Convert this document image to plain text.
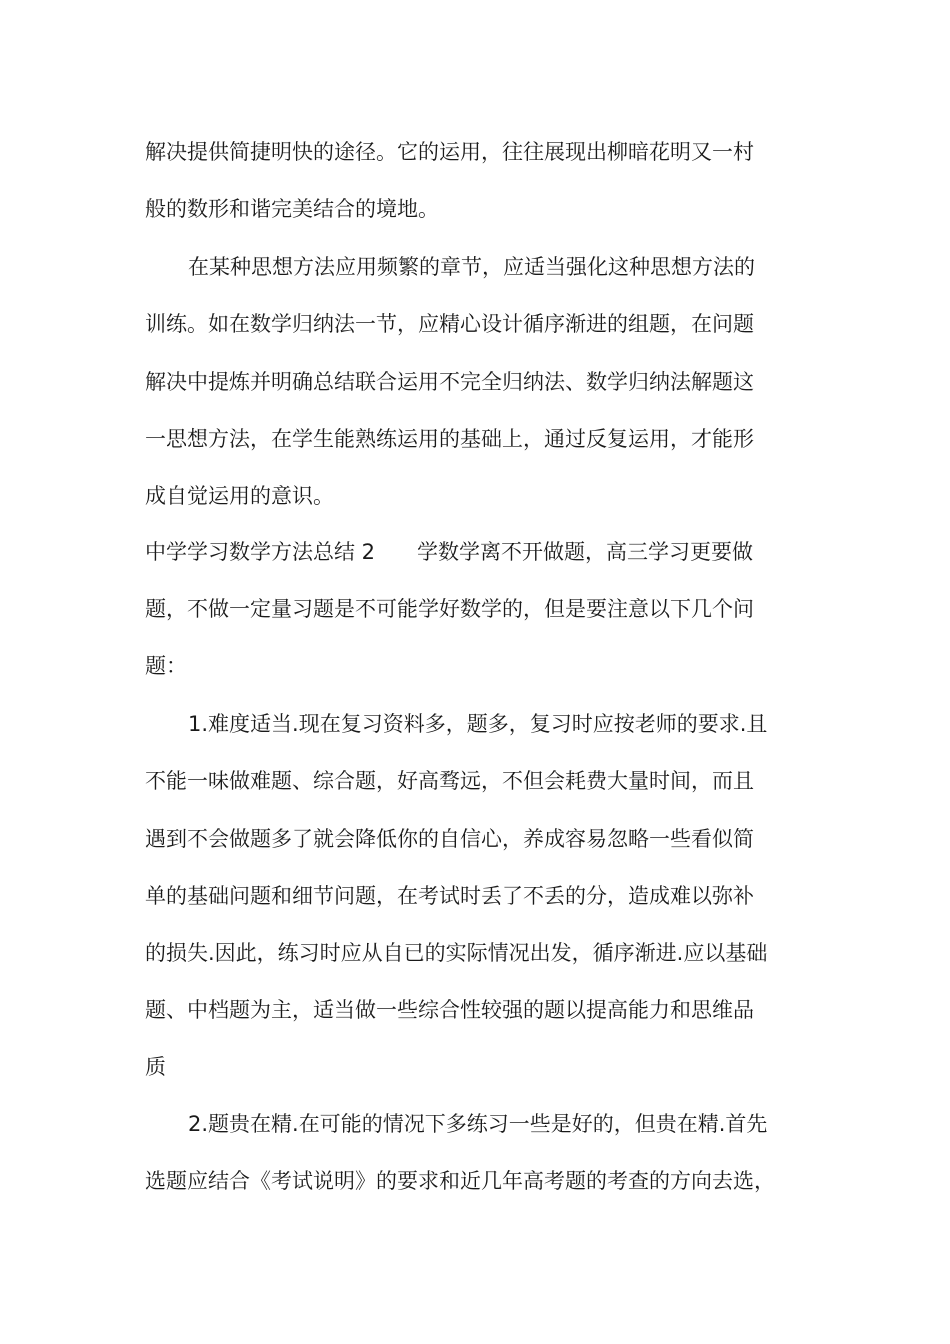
解决提供简捷明快的途径。它的运用，往往展现出柳暗花明又一村
般的数形和谐完美结合的境地。
在某种思想方法应用频繁的章节，应适当强化这种思想方法的
训练。如在数学归纳法一节，应精心设计循序渐进的组题，在问题
解决中提炼并明确总结联合运用不完全归纳法、数学归纳法解题这
一思想方法，在学生能熟练运用的基础上，通过反复运用，才能形
成自觉运用的意识。
中学学习数学方法总结 2　　学数学离不开做题，高三学习更要做
题，不做一定量习题是不可能学好数学的，但是要注意以下几个问
题：
1.难度适当.现在复习资料多，题多，复习时应按老师的要求.且
不能一味做难题、综合题，好高骛远，不但会耗费大量时间，而且
遇到不会做题多了就会降低你的自信心，养成容易忽略一些看似简
单的基础问题和细节问题，在考试时丢了不丢的分，造成难以弥补
的损失.因此，练习时应从自已的实际情况出发，循序渐进.应以基础
题、中档题为主，适当做一些综合性较强的题以提高能力和思维品
质
2.题贵在精.在可能的情况下多练习一些是好的，但贵在精.首先
选题应结合《考试说明》的要求和近几年高考题的考查的方向去选，
